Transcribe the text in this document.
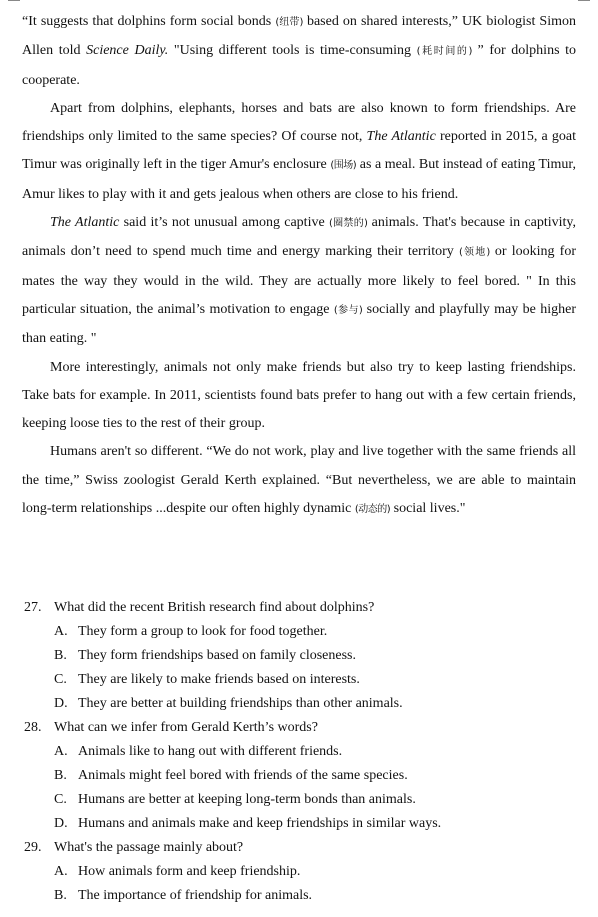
“It suggests that dolphins form social bonds (纽带) based on shared interests,” UK biologist Simon Allen told Science Daily. "Using different tools is time-consuming (耗时间的) ” for dolphins to cooperate.

Apart from dolphins, elephants, horses and bats are also known to form friendships. Are friendships only limited to the same species? Of course not, The Atlantic reported in 2015, a goat Timur was originally left in the tiger Amur's enclosure (围场) as a meal. But instead of eating Timur, Amur likes to play with it and gets jealous when others are close to his friend.

The Atlantic said it’s not unusual among captive (圈禁的) animals. That's because in captivity, animals don’t need to spend much time and energy marking their territory (领地) or looking for mates the way they would in the wild. They are actually more likely to feel bored. " In this particular situation, the animal’s motivation to engage (参与) socially and playfully may be higher than eating. "

More interestingly, animals not only make friends but also try to keep lasting friendships. Take bats for example. In 2011, scientists found bats prefer to hang out with a few certain friends, keeping loose ties to the rest of their group.

Humans aren't so different. “We do not work, play and live together with the same friends all the time,” Swiss zoologist Gerald Kerth explained. “But nevertheless, we are able to maintain long-term relationships ...despite our often highly dynamic (动态的) social lives."

27. What did the recent British research find about dolphins?
A. They form a group to look for food together.
B. They form friendships based on family closeness.
C. They are likely to make friends based on interests.
D. They are better at building friendships than other animals.
28. What can we infer from Gerald Kerth’s words?
A. Animals like to hang out with different friends.
B. Animals might feel bored with friends of the same species.
C. Humans are better at keeping long-term bonds than animals.
D. Humans and animals make and keep friendships in similar ways.
29. What's the passage mainly about?
A. How animals form and keep friendship.
B. The importance of friendship for animals.
